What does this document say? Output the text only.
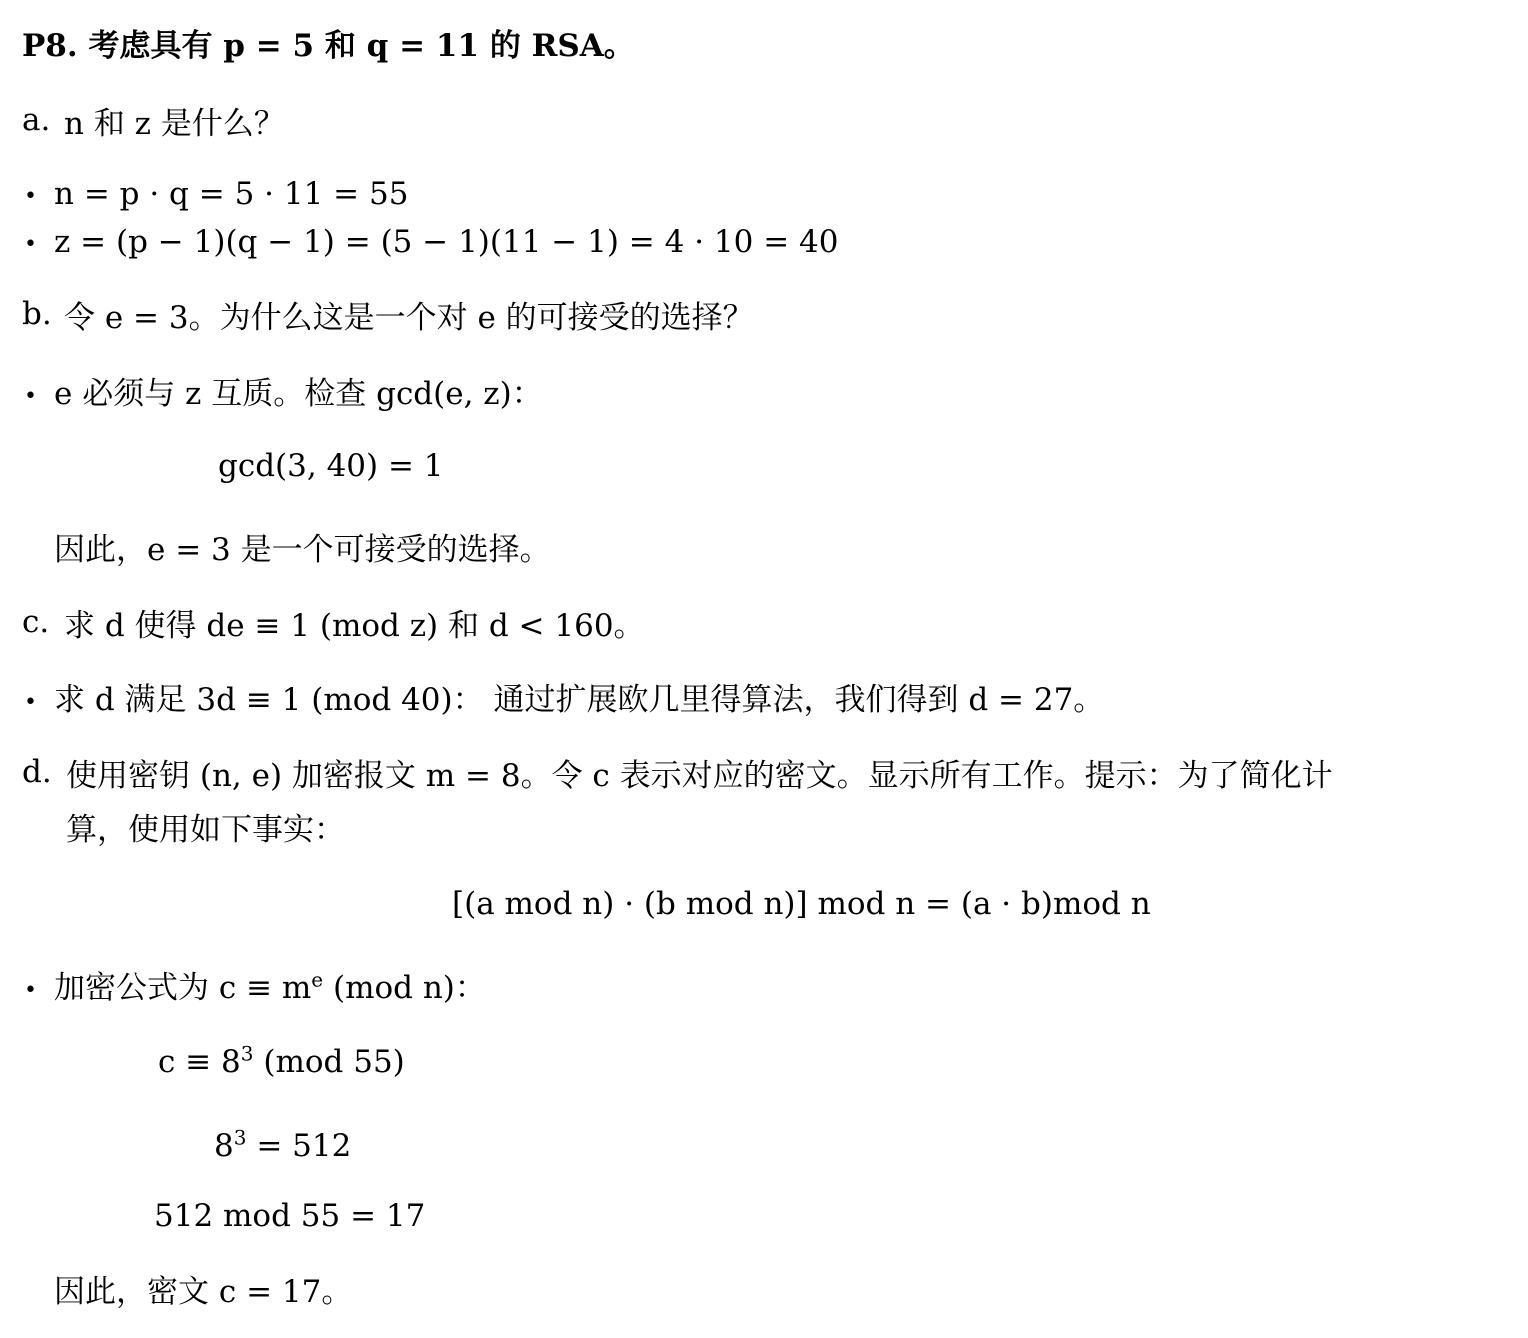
P8. 考虑具有 p = 5 和 q = 11 的 RSA。
a. n 和 z 是什么？
• n = p · q = 5 · 11 = 55
• z = (p − 1)(q − 1) = (5 − 1)(11 − 1) = 4 · 10 = 40
b. 令 e = 3。为什么这是一个对 e 的可接受的选择？
• e 必须与 z 互质。检查 gcd(e, z)：
gcd(3, 40) = 1
因此，e = 3 是一个可接受的选择。
c. 求 d 使得 de ≡ 1 (mod z) 和 d < 160。
• 求 d 满足 3d ≡ 1 (mod 40)： 通过扩展欧几里得算法，我们得到 d = 27。
d. 使用密钥 (n, e) 加密报文 m = 8。令 c 表示对应的密文。显示所有工作。提示：为了简化计
算，使用如下事实：
[(a mod n) · (b mod n)] mod n = (a · b)mod n
• 加密公式为 $c \equiv m^e$ (mod n)：
$c \equiv 8^3$ (mod 55)
$8^3 = 512$
512 mod 55 = 17
因此，密文 c = 17。
